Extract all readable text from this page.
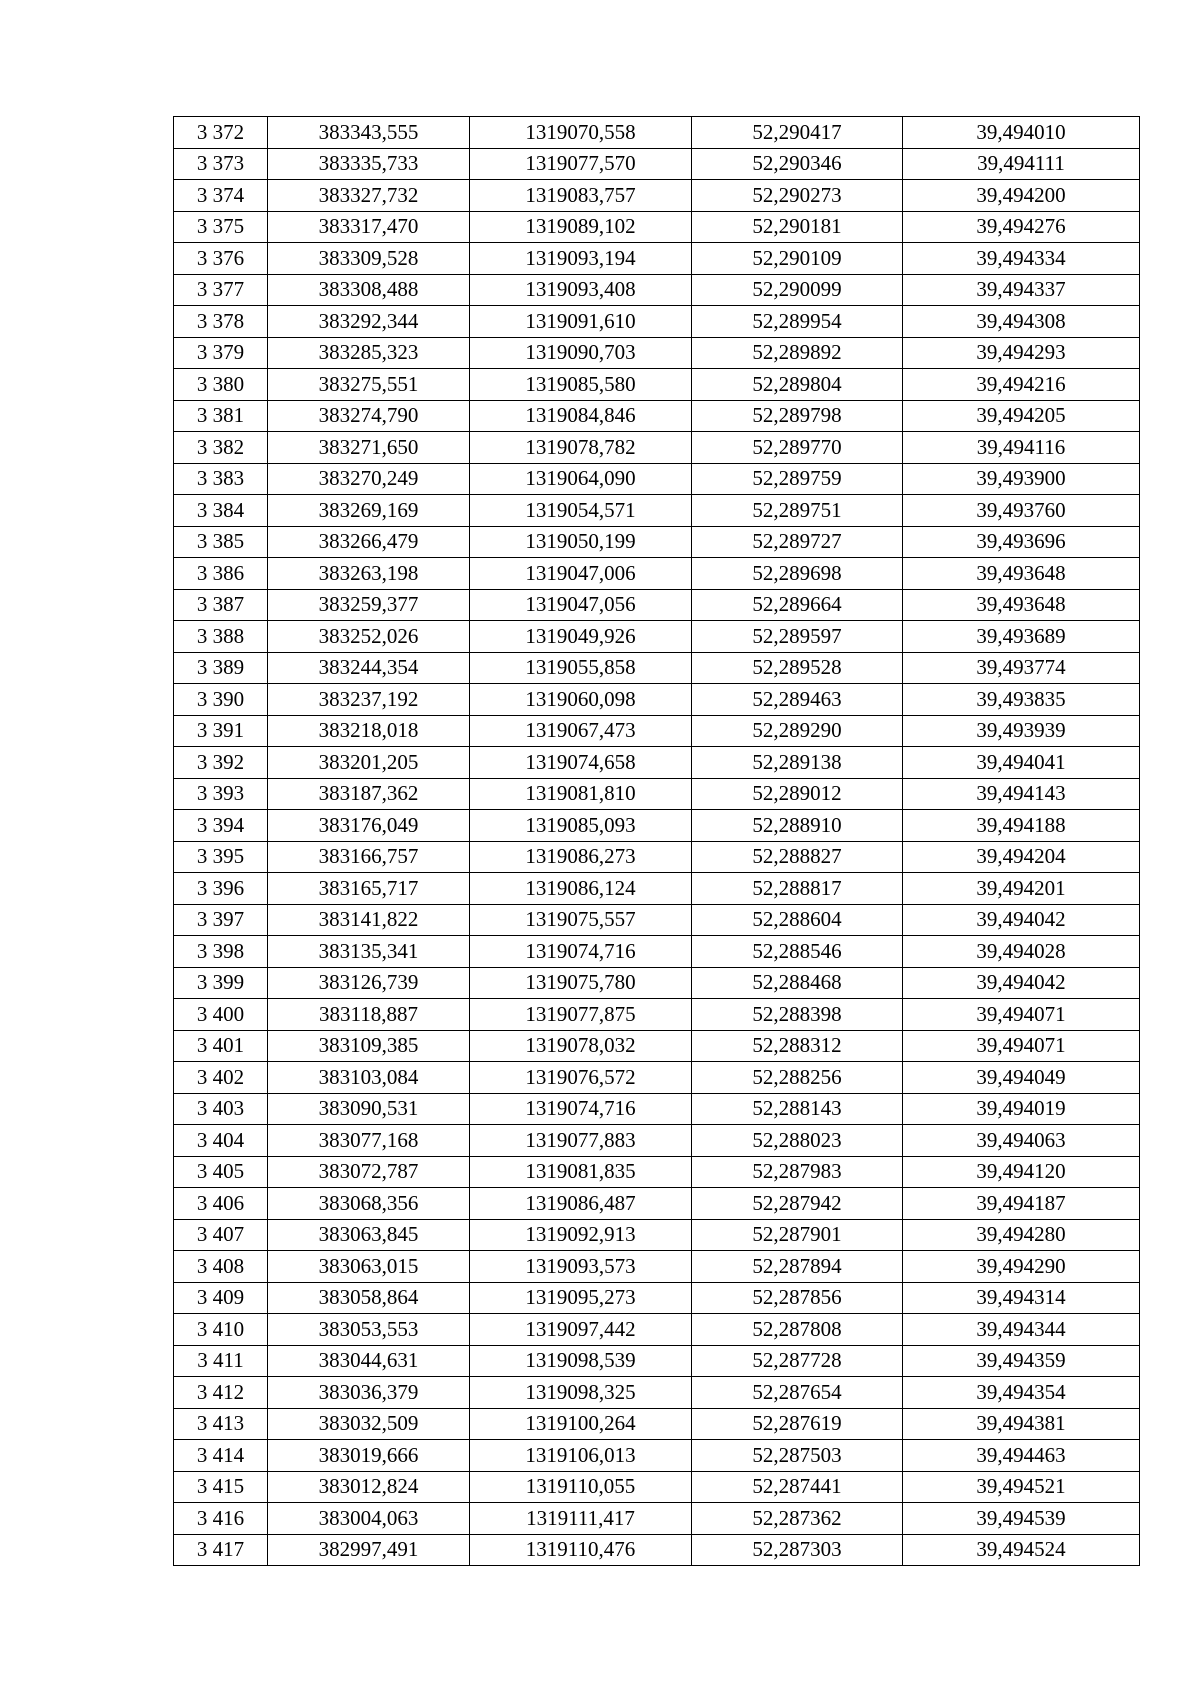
3 372	383343,555	1319070,558	52,290417	39,494010
3 373	383335,733	1319077,570	52,290346	39,494111
3 374	383327,732	1319083,757	52,290273	39,494200
3 375	383317,470	1319089,102	52,290181	39,494276
3 376	383309,528	1319093,194	52,290109	39,494334
3 377	383308,488	1319093,408	52,290099	39,494337
3 378	383292,344	1319091,610	52,289954	39,494308
3 379	383285,323	1319090,703	52,289892	39,494293
3 380	383275,551	1319085,580	52,289804	39,494216
3 381	383274,790	1319084,846	52,289798	39,494205
3 382	383271,650	1319078,782	52,289770	39,494116
3 383	383270,249	1319064,090	52,289759	39,493900
3 384	383269,169	1319054,571	52,289751	39,493760
3 385	383266,479	1319050,199	52,289727	39,493696
3 386	383263,198	1319047,006	52,289698	39,493648
3 387	383259,377	1319047,056	52,289664	39,493648
3 388	383252,026	1319049,926	52,289597	39,493689
3 389	383244,354	1319055,858	52,289528	39,493774
3 390	383237,192	1319060,098	52,289463	39,493835
3 391	383218,018	1319067,473	52,289290	39,493939
3 392	383201,205	1319074,658	52,289138	39,494041
3 393	383187,362	1319081,810	52,289012	39,494143
3 394	383176,049	1319085,093	52,288910	39,494188
3 395	383166,757	1319086,273	52,288827	39,494204
3 396	383165,717	1319086,124	52,288817	39,494201
3 397	383141,822	1319075,557	52,288604	39,494042
3 398	383135,341	1319074,716	52,288546	39,494028
3 399	383126,739	1319075,780	52,288468	39,494042
3 400	383118,887	1319077,875	52,288398	39,494071
3 401	383109,385	1319078,032	52,288312	39,494071
3 402	383103,084	1319076,572	52,288256	39,494049
3 403	383090,531	1319074,716	52,288143	39,494019
3 404	383077,168	1319077,883	52,288023	39,494063
3 405	383072,787	1319081,835	52,287983	39,494120
3 406	383068,356	1319086,487	52,287942	39,494187
3 407	383063,845	1319092,913	52,287901	39,494280
3 408	383063,015	1319093,573	52,287894	39,494290
3 409	383058,864	1319095,273	52,287856	39,494314
3 410	383053,553	1319097,442	52,287808	39,494344
3 411	383044,631	1319098,539	52,287728	39,494359
3 412	383036,379	1319098,325	52,287654	39,494354
3 413	383032,509	1319100,264	52,287619	39,494381
3 414	383019,666	1319106,013	52,287503	39,494463
3 415	383012,824	1319110,055	52,287441	39,494521
3 416	383004,063	1319111,417	52,287362	39,494539
3 417	382997,491	1319110,476	52,287303	39,494524
